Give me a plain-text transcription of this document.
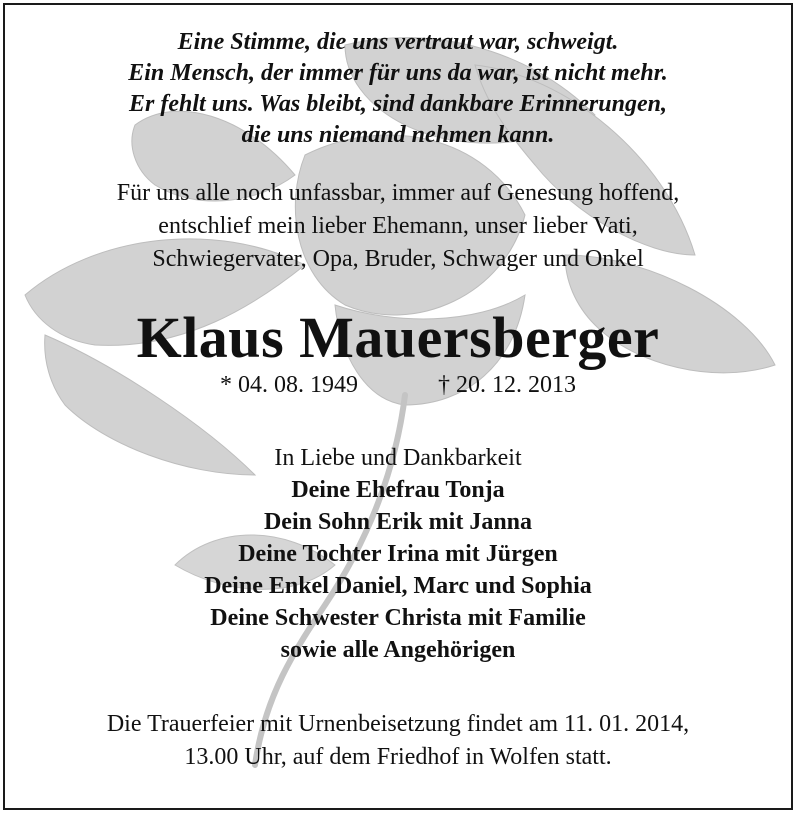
Eine Stimme, die uns vertraut war, schweigt.
Ein Mensch, der immer für uns da war, ist nicht mehr.
Er fehlt uns. Was bleibt, sind dankbare Erinnerungen,
die uns niemand nehmen kann.
Für uns alle noch unfassbar, immer auf Genesung hoffend,
entschlief mein lieber Ehemann, unser lieber Vati,
Schwiegervater, Opa, Bruder, Schwager und Onkel
Klaus Mauersberger
* 04. 08. 1949	† 20. 12. 2013
In Liebe und Dankbarkeit
Deine Ehefrau Tonja
Dein Sohn Erik mit Janna
Deine Tochter Irina mit Jürgen
Deine Enkel Daniel, Marc und Sophia
Deine Schwester Christa mit Familie
sowie alle Angehörigen
Die Trauerfeier mit Urnenbeisetzung findet am 11. 01. 2014,
13.00 Uhr, auf dem Friedhof in Wolfen statt.
